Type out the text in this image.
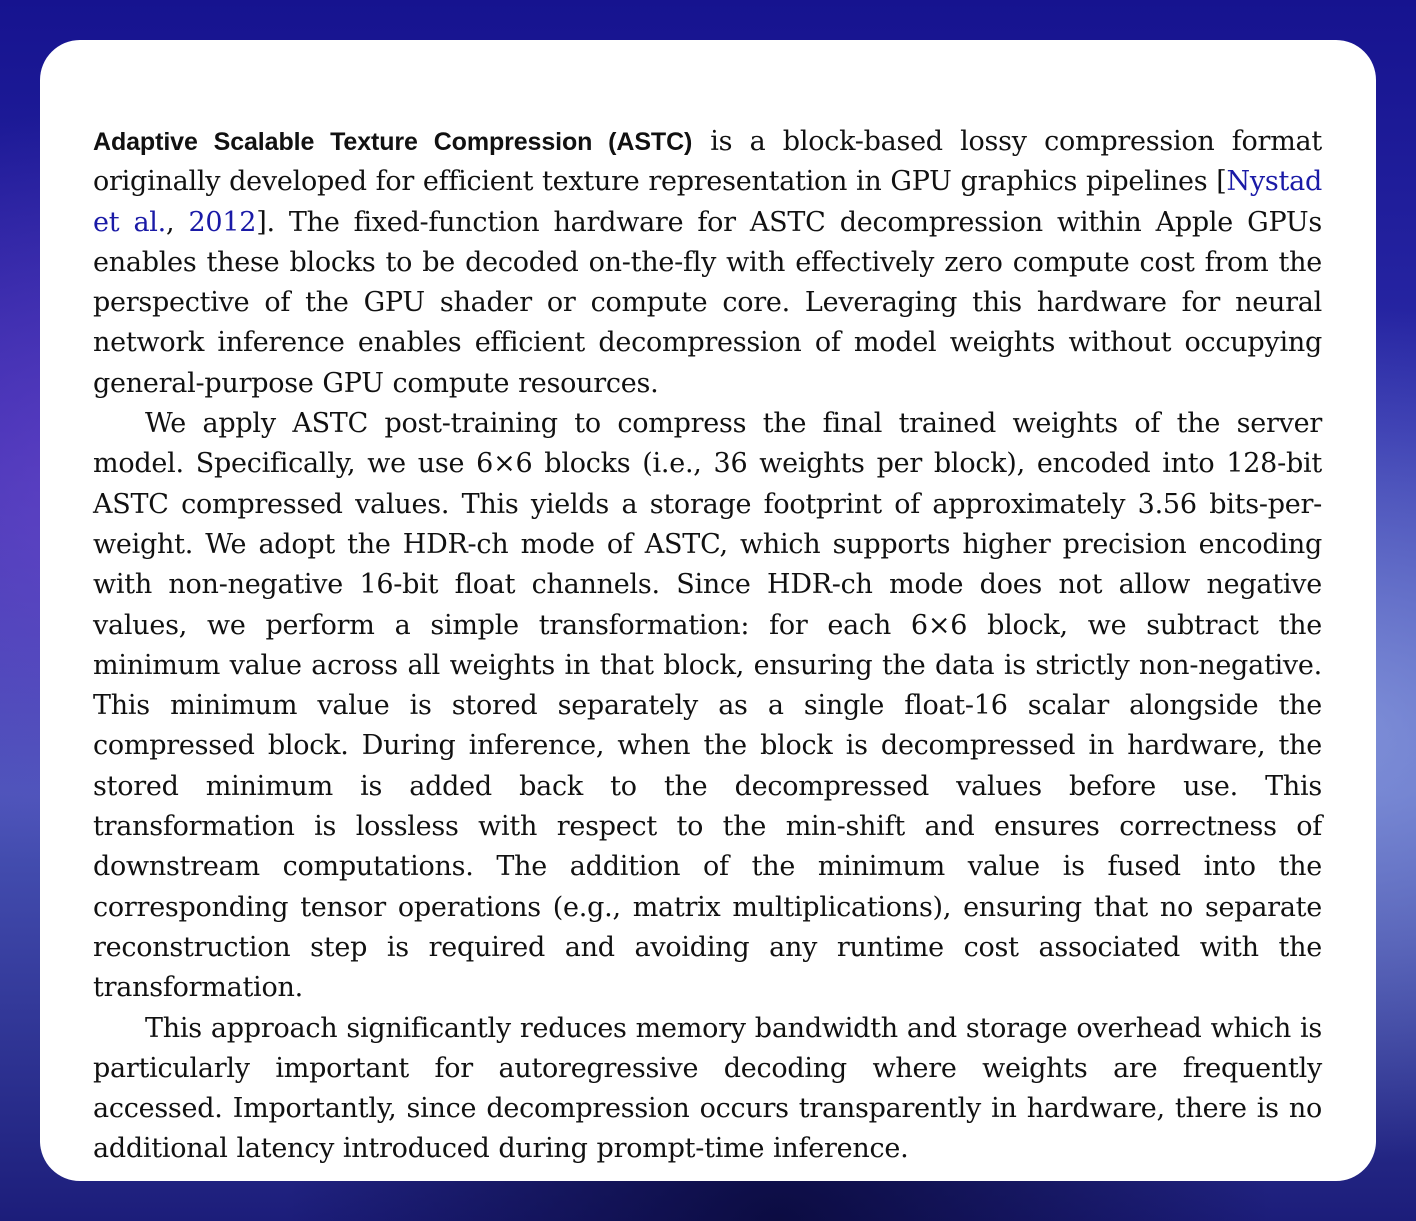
Adaptive Scalable Texture Compression (ASTC) is a block-based lossy compression format originally developed for efficient texture representation in GPU graphics pipelines [Nystad et al., 2012]. The fixed-function hardware for ASTC decompression within Apple GPUs enables these blocks to be decoded on-the-fly with effectively zero compute cost from the perspective of the GPU shader or compute core. Leveraging this hardware for neural network inference enables efficient decompression of model weights without occupying general-purpose GPU compute resources.

We apply ASTC post-training to compress the final trained weights of the server model. Specifically, we use 6×6 blocks (i.e., 36 weights per block), encoded into 128-bit ASTC compressed values. This yields a storage footprint of approximately 3.56 bits-per-weight. We adopt the HDR-ch mode of ASTC, which supports higher precision encoding with non-negative 16-bit float channels. Since HDR-ch mode does not allow negative values, we perform a simple transformation: for each 6×6 block, we subtract the minimum value across all weights in that block, ensuring the data is strictly non-negative. This minimum value is stored separately as a single float-16 scalar alongside the compressed block. During inference, when the block is decompressed in hardware, the stored minimum is added back to the decompressed values before use. This transformation is lossless with respect to the min-shift and ensures correctness of downstream computations. The addition of the minimum value is fused into the corresponding tensor operations (e.g., matrix multiplications), ensuring that no separate reconstruction step is required and avoiding any runtime cost associated with the transformation.

This approach significantly reduces memory bandwidth and storage overhead which is particularly important for autoregressive decoding where weights are frequently accessed. Importantly, since decompression occurs transparently in hardware, there is no additional latency introduced during prompt-time inference.
